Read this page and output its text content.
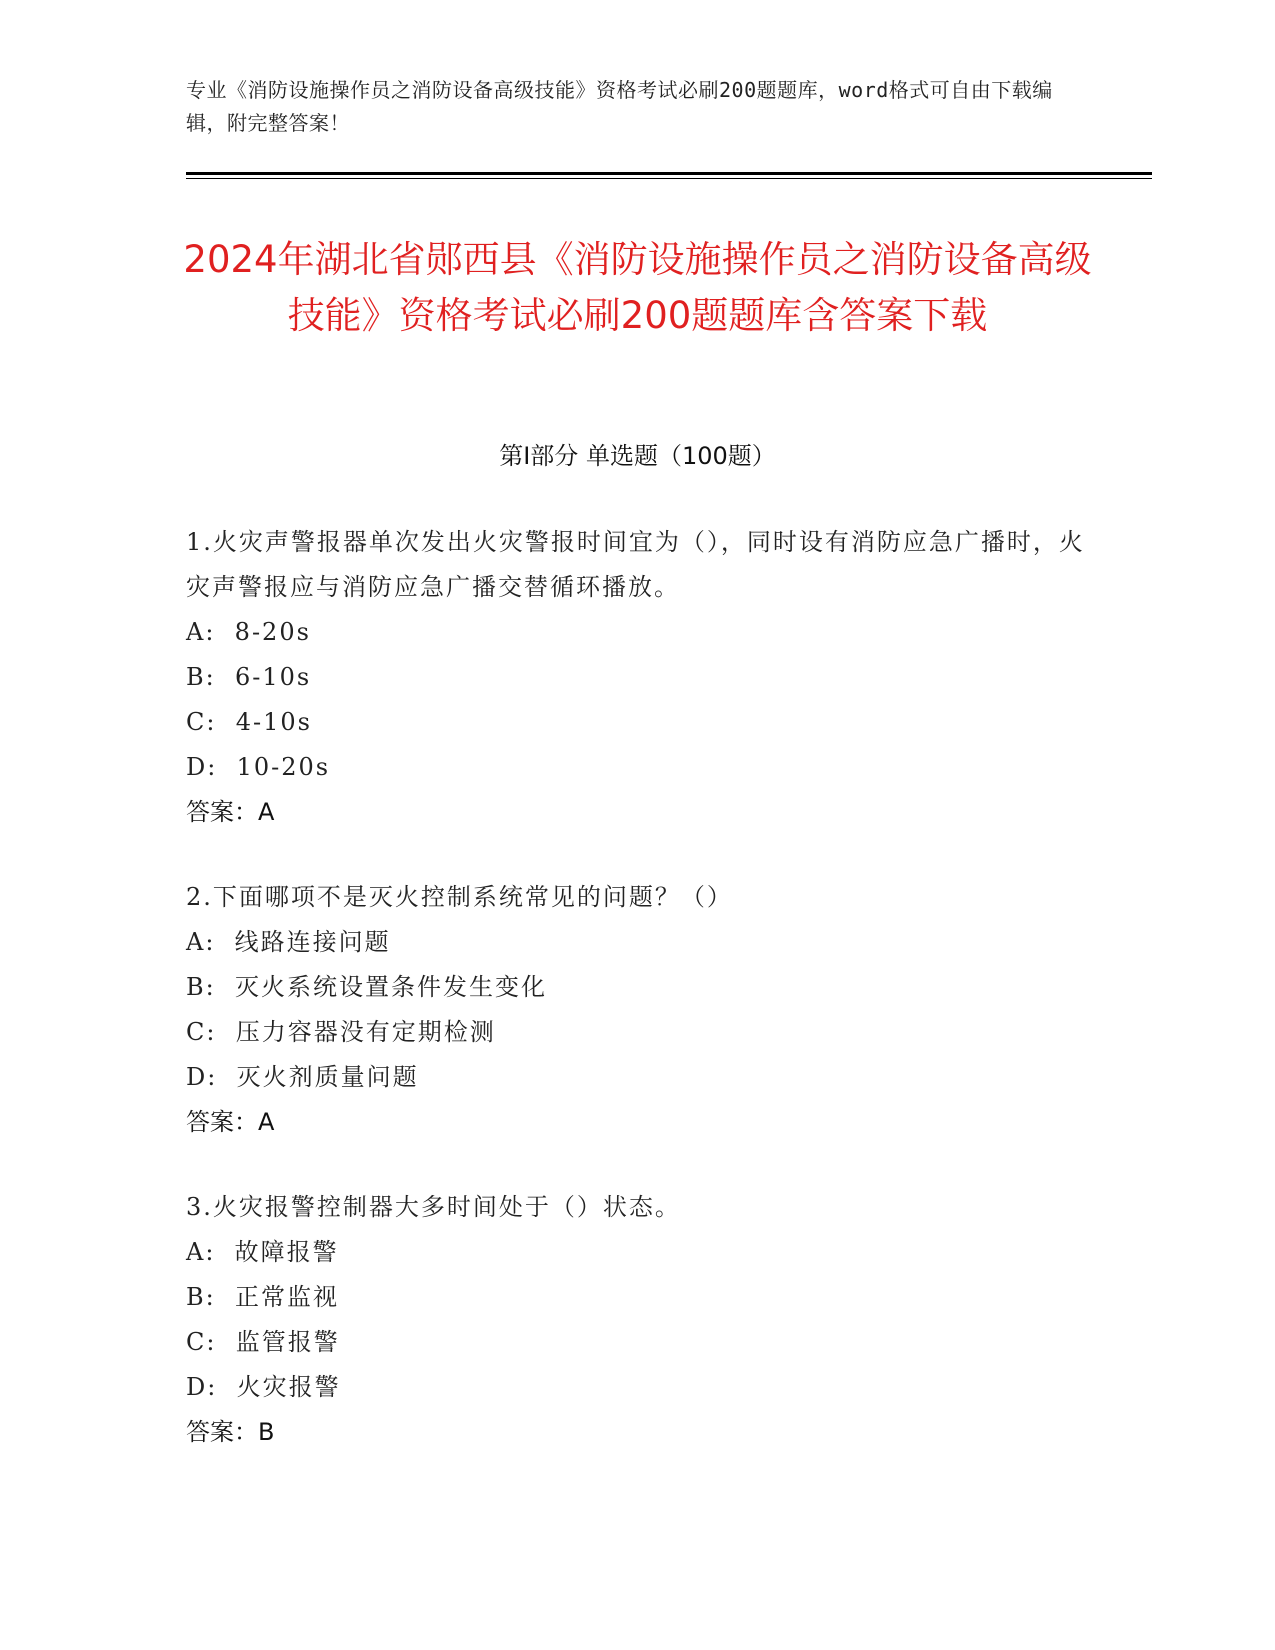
专业《消防设施操作员之消防设备高级技能》资格考试必刷200题题库，word格式可自由下载编辑，附完整答案！
2024年湖北省郧西县《消防设施操作员之消防设备高级技能》资格考试必刷200题题库含答案下载
第Ⅰ部分 单选题（100题）
1.火灾声警报器单次发出火灾警报时间宜为（），同时设有消防应急广播时，火灾声警报应与消防应急广播交替循环播放。
A:  8-20s
B:  6-10s
C:  4-10s
D:  10-20s
答案：A
2.下面哪项不是灭火控制系统常见的问题？（）
A:  线路连接问题
B:  灭火系统设置条件发生变化
C:  压力容器没有定期检测
D:  灭火剂质量问题
答案：A
3.火灾报警控制器大多时间处于（）状态。
A:  故障报警
B:  正常监视
C:  监管报警
D:  火灾报警
答案：B
